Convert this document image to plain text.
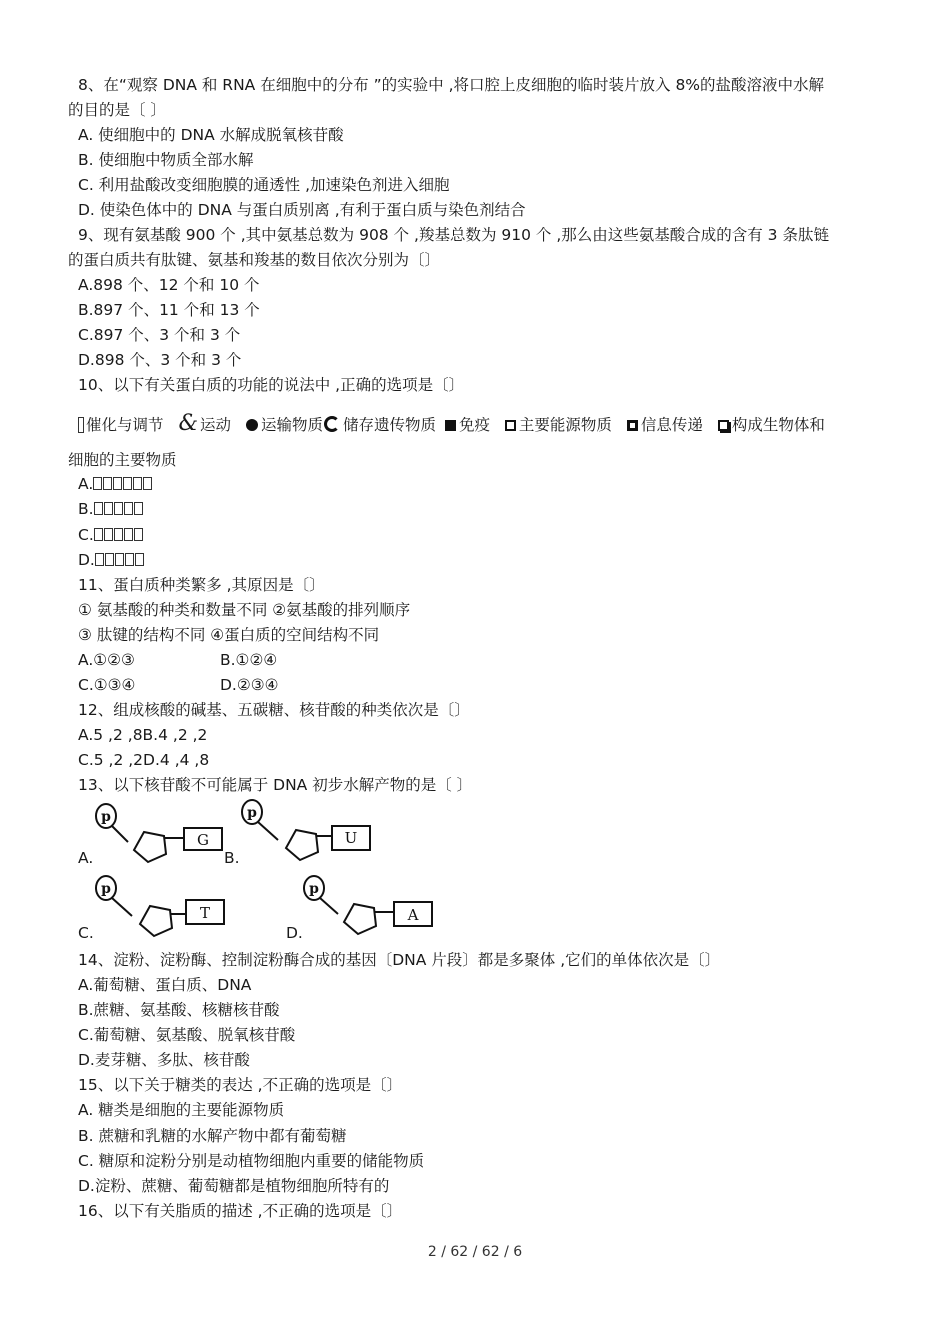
8、在“观察 DNA 和 RNA 在细胞中的分布 ”的实验中 ,将口腔上皮细胞的临时装片放入 8%的盐酸溶液中水解
的目的是〔 〕
A. 使细胞中的 DNA 水解成脱氧核苷酸
B. 使细胞中物质全部水解
C. 利用盐酸改变细胞膜的通透性 ,加速染色剂进入细胞
D. 使染色体中的 DNA 与蛋白质别离 ,有利于蛋白质与染色剂结合
9、现有氨基酸 900 个 ,其中氨基总数为 908 个 ,羧基总数为 910 个 ,那么由这些氨基酸合成的含有 3 条肽链
的蛋白质共有肽键、氨基和羧基的数目依次分别为〔〕
A.898 个、12 个和 10 个
B.897 个、11 个和 13 个
C.897 个、3 个和 3 个
D.898 个、3 个和 3 个
10、以下有关蛋白质的功能的说法中 ,正确的选项是〔〕
催化与调节 & 运动 运输物质 储存遗传物质 免疫 主要能源物质 信息传递 构成生物体和
细胞的主要物质
A.
B.
C.
D.
11、蛋白质种类繁多 ,其原因是〔〕
① 氨基酸的种类和数量不同 ②氨基酸的排列顺序
③ 肽键的结构不同 ④蛋白质的空间结构不同
A.①②③	B.①②④
C.①③④	D.②③④
12、组成核酸的碱基、五碳糖、核苷酸的种类依次是〔〕
A.5 ,2 ,8B.4 ,2 ,2
C.5 ,2 ,2D.4 ,4 ,8
13、以下核苷酸不可能属于 DNA 初步水解产物的是〔 〕
A.
p
G
B.
p
U
C.
p
T
D.
p
A
14、淀粉、淀粉酶、控制淀粉酶合成的基因〔DNA 片段〕都是多聚体 ,它们的单体依次是〔〕
A.葡萄糖、蛋白质、DNA
B.蔗糖、氨基酸、核糖核苷酸
C.葡萄糖、氨基酸、脱氧核苷酸
D.麦芽糖、多肽、核苷酸
15、以下关于糖类的表达 ,不正确的选项是〔〕
A. 糖类是细胞的主要能源物质
B. 蔗糖和乳糖的水解产物中都有葡萄糖
C. 糖原和淀粉分别是动植物细胞内重要的储能物质
D.淀粉、蔗糖、葡萄糖都是植物细胞所特有的
16、以下有关脂质的描述 ,不正确的选项是〔〕
2 / 62 / 62 / 6
